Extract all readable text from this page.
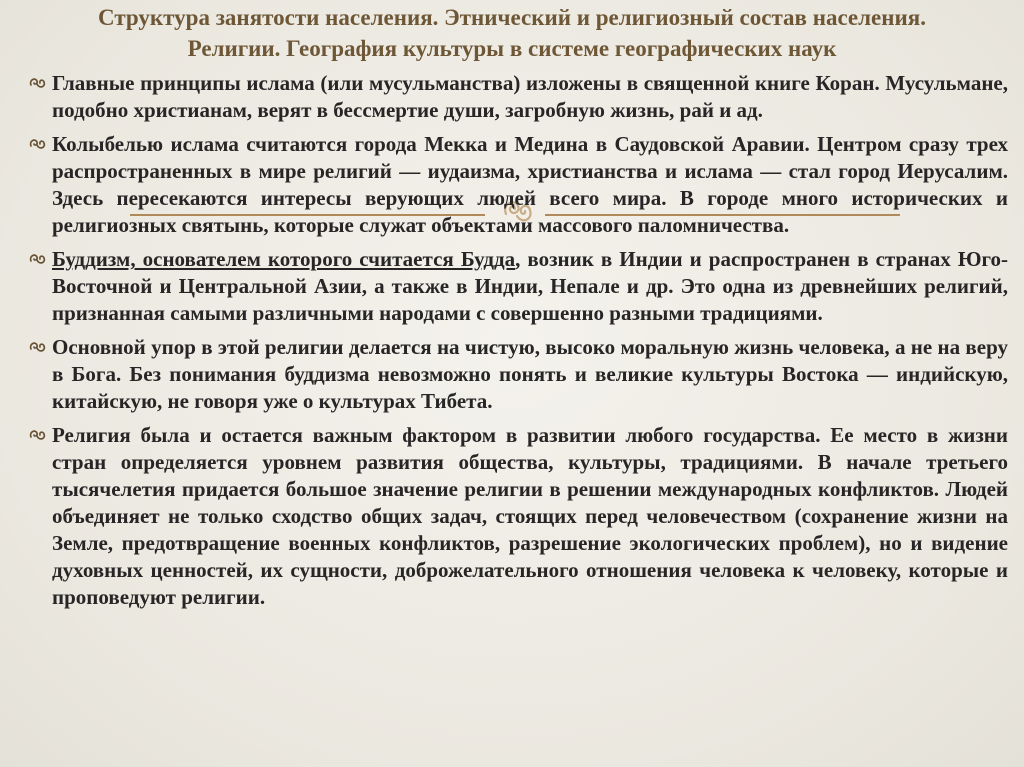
Структура занятости населения. Этнический и религиозный состав населения.
Религии. География культуры в системе географических наук

Главные принципы ислама (или мусульманства) изложены в священной книге Коран. Мусульмане, подобно христианам, верят в бессмертие души, загробную жизнь, рай и ад.

Колыбелью ислама считаются города Мекка и Медина в Саудовской Аравии. Центром сразу трех распространенных в мире религий — иудаизма, христианства и ислама — стал город Иерусалим. Здесь пересекаются интересы верующих людей всего мира. В городе много исторических и религиозных святынь, которые служат объектами массового паломничества.

Буддизм, основателем которого считается Будда, возник в Индии и распространен в странах Юго-Восточной и Центральной Азии, а также в Индии, Непале и др. Это одна из древнейших религий, признанная самыми различными народами с совершенно разными традициями.

Основной упор в этой религии делается на чистую, высоко моральную жизнь человека, а не на веру в Бога. Без понимания буддизма невозможно понять и великие культуры Востока — индийскую, китайскую, не говоря уже о культурах Тибета.

Религия была и остается важным фактором в развитии любого государства. Ее место в жизни стран определяется уровнем развития общества, культуры, традициями. В начале третьего тысячелетия придается большое значение религии в решении международных конфликтов. Людей объединяет не только сходство общих задач, стоящих перед человечеством (сохранение жизни на Земле, предотвращение военных конфликтов, разрешение экологических проблем), но и видение духовных ценностей, их сущности, доброжелательного отношения человека к человеку, которые и проповедуют религии.
